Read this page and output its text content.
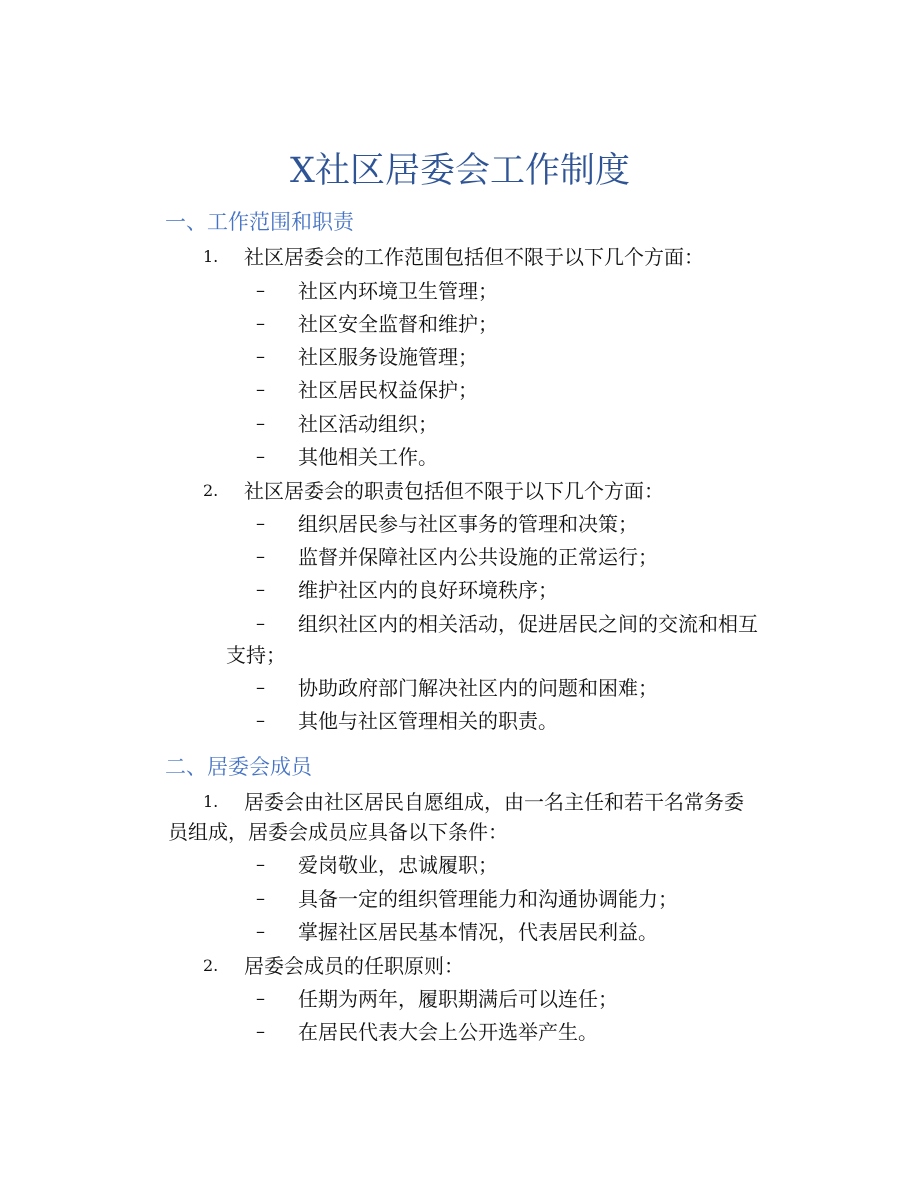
X社区居委会工作制度
一、工作范围和职责
1. 社区居委会的工作范围包括但不限于以下几个方面：
– 社区内环境卫生管理；
– 社区安全监督和维护；
– 社区服务设施管理；
– 社区居民权益保护；
– 社区活动组织；
– 其他相关工作。
2. 社区居委会的职责包括但不限于以下几个方面：
– 组织居民参与社区事务的管理和决策；
– 监督并保障社区内公共设施的正常运行；
– 维护社区内的良好环境秩序；
– 组织社区内的相关活动，促进居民之间的交流和相互
支持；
– 协助政府部门解决社区内的问题和困难；
– 其他与社区管理相关的职责。
二、居委会成员
1. 居委会由社区居民自愿组成，由一名主任和若干名常务委
员组成，居委会成员应具备以下条件：
– 爱岗敬业，忠诚履职；
– 具备一定的组织管理能力和沟通协调能力；
– 掌握社区居民基本情况，代表居民利益。
2. 居委会成员的任职原则：
– 任期为两年，履职期满后可以连任；
– 在居民代表大会上公开选举产生。
